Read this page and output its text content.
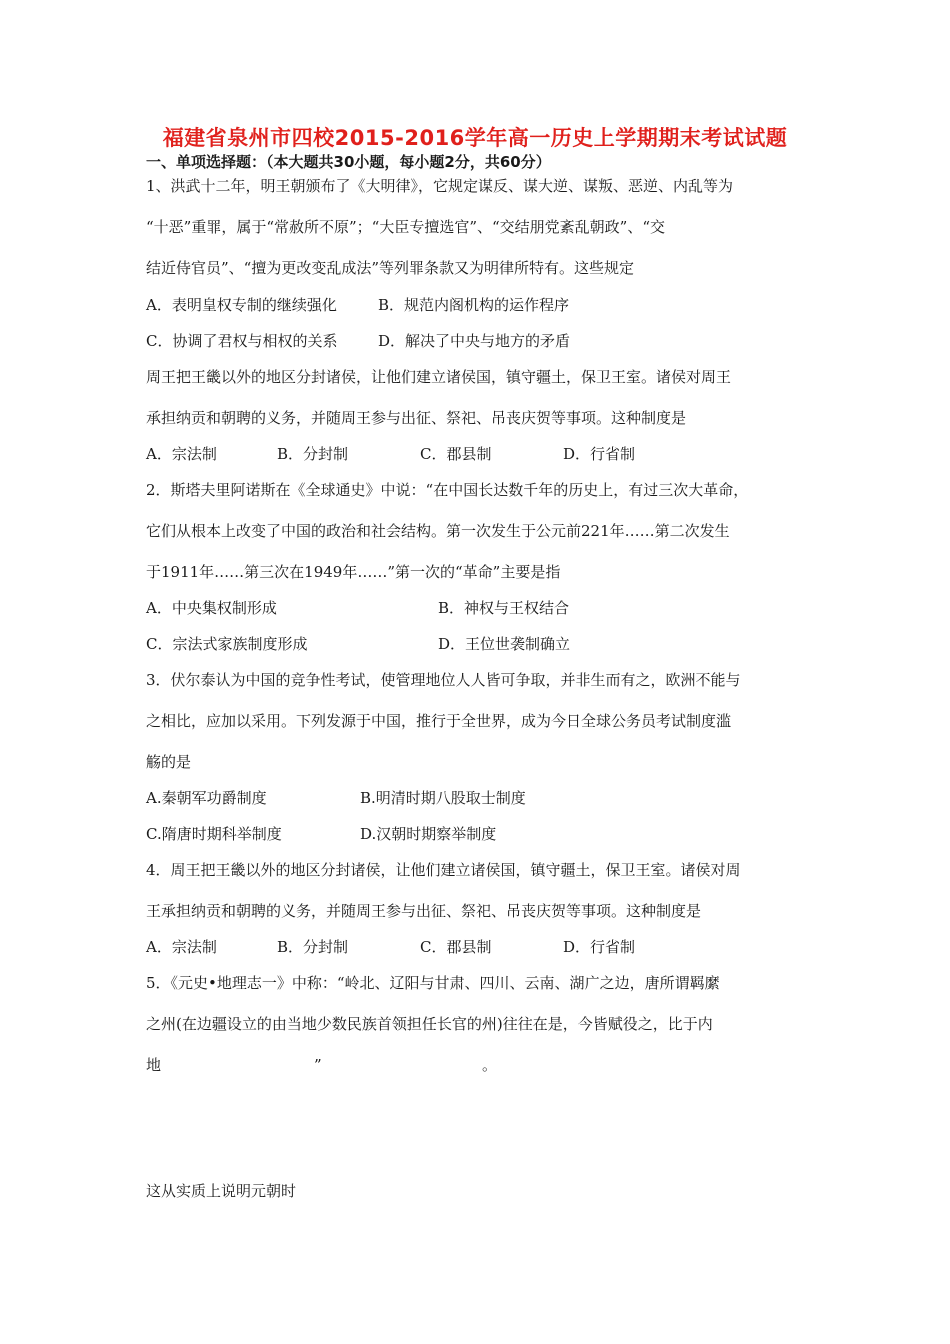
福建省泉州市四校2015-2016学年高一历史上学期期末考试试题
一、单项选择题：（本大题共30小题，每小题2分，共60分）
1、洪武十二年，明王朝颁布了《大明律》，它规定谋反、谋大逆、谋叛、恶逆、内乱等为
“十恶”重罪，属于“常赦所不原”；“大臣专擅选官”、“交结朋党紊乱朝政”、“交
结近侍官员”、“擅为更改变乱成法”等列罪条款又为明律所特有。这些规定
A．表明皇权专制的继续强化	B．规范内阁机构的运作程序
C．协调了君权与相权的关系	D．解决了中央与地方的矛盾
周王把王畿以外的地区分封诸侯，让他们建立诸侯国，镇守疆土，保卫王室。诸侯对周王
承担纳贡和朝聘的义务，并随周王参与出征、祭祀、吊丧庆贺等事项。这种制度是
A．宗法制	B．分封制	C．郡县制	D．行省制
2．斯塔夫里阿诺斯在《全球通史》中说：“在中国长达数千年的历史上，有过三次大革命，
它们从根本上改变了中国的政治和社会结构。第一次发生于公元前221年……第二次发生
于1911年……第三次在1949年……”第一次的“革命”主要是指
A．中央集权制形成	B．神权与王权结合
C．宗法式家族制度形成	D．王位世袭制确立
3．伏尔泰认为中国的竞争性考试，使管理地位人人皆可争取，并非生而有之，欧洲不能与
之相比，应加以采用。下列发源于中国，推行于全世界，成为今日全球公务员考试制度滥
觞的是
A.秦朝军功爵制度	B.明清时期八股取士制度
C.隋唐时期科举制度	D.汉朝时期察举制度
4．周王把王畿以外的地区分封诸侯，让他们建立诸侯国，镇守疆土，保卫王室。诸侯对周
王承担纳贡和朝聘的义务，并随周王参与出征、祭祀、吊丧庆贺等事项。这种制度是
A．宗法制	B．分封制	C．郡县制	D．行省制
5．《元史•地理志一》中称：“岭北、辽阳与甘肃、四川、云南、湖广之边，唐所谓羁縻
之州(在边疆设立的由当地少数民族首领担任长官的州)往往在是，今皆赋役之，比于内
地	”	。
这从实质上说明元朝时
